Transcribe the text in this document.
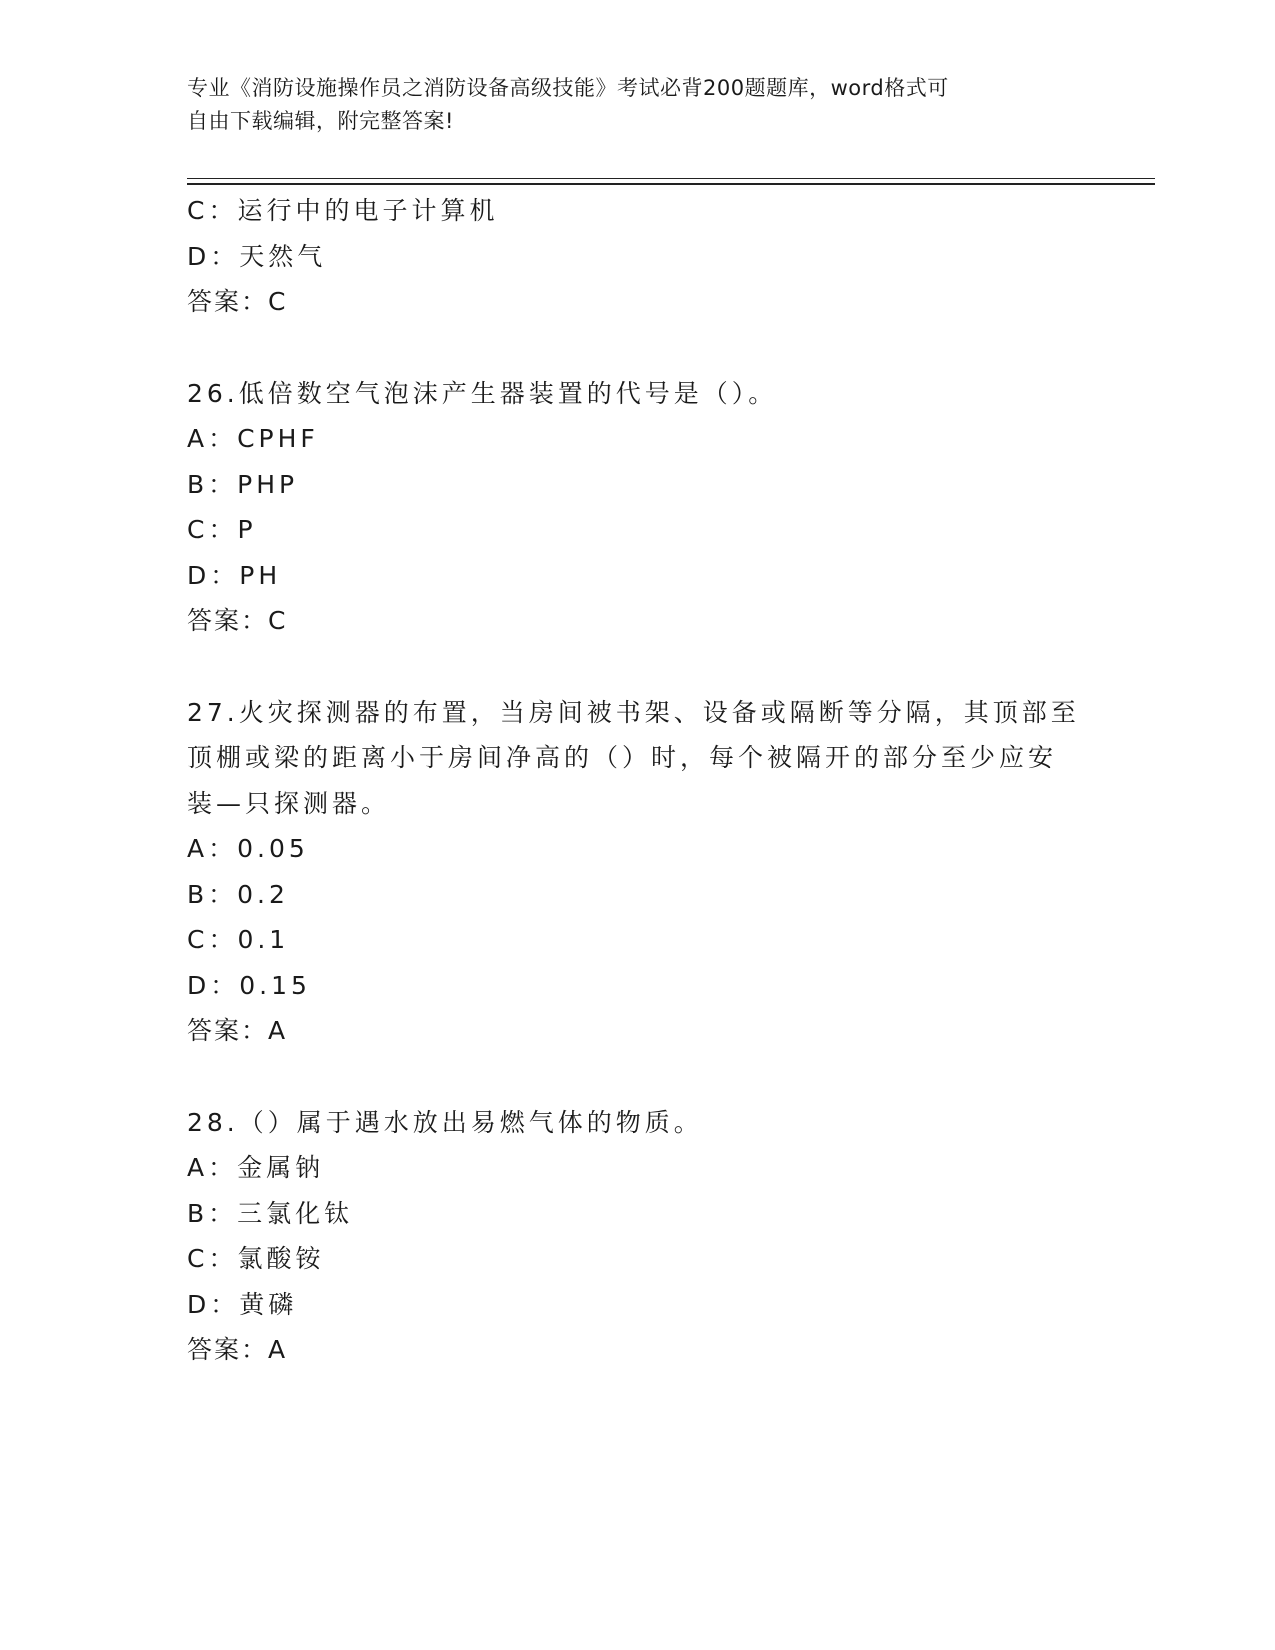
专业《消防设施操作员之消防设备高级技能》考试必背200题题库，word格式可
自由下载编辑，附完整答案!
C：运行中的电子计算机
D：天然气
答案：C
26.低倍数空气泡沫产生器装置的代号是（）。
A：CPHF
B：PHP
C：P
D：PH
答案：C
27.火灾探测器的布置，当房间被书架、设备或隔断等分隔，其顶部至
顶棚或梁的距离小于房间净高的（）时，每个被隔开的部分至少应安
装—只探测器。
A：0.05
B：0.2
C：0.1
D：0.15
答案：A
28.（）属于遇水放出易燃气体的物质。
A：金属钠
B：三氯化钛
C：氯酸铵
D：黄磷
答案：A
